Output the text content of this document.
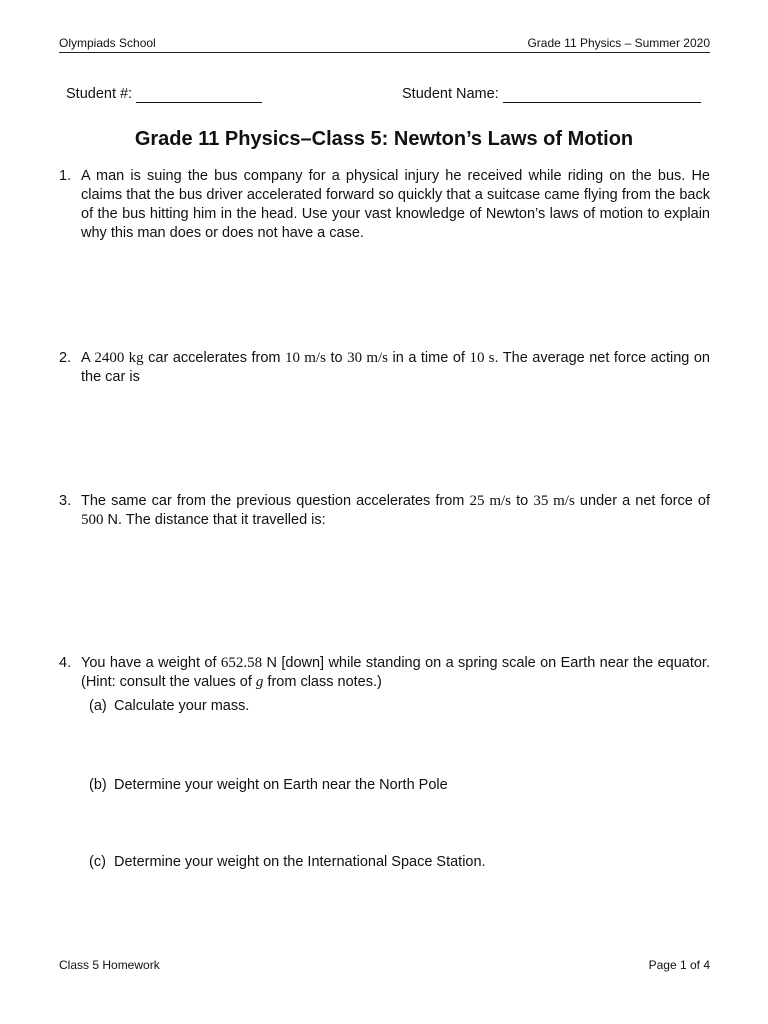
Olympiads School	Grade 11 Physics – Summer 2020
Student #:	Student Name:
Grade 11 Physics–Class 5: Newton’s Laws of Motion
1. A man is suing the bus company for a physical injury he received while riding on the bus. He claims that the bus driver accelerated forward so quickly that a suitcase came flying from the back of the bus hitting him in the head. Use your vast knowledge of Newton’s laws of motion to explain why this man does or does not have a case.
2. A 2400 kg car accelerates from 10 m/s to 30 m/s in a time of 10 s. The average net force acting on the car is
3. The same car from the previous question accelerates from 25 m/s to 35 m/s under a net force of 500 N. The distance that it travelled is:
4. You have a weight of 652.58 N [down] while standing on a spring scale on Earth near the equator. (Hint: consult the values of g from class notes.)
(a) Calculate your mass.
(b) Determine your weight on Earth near the North Pole
(c) Determine your weight on the International Space Station.
Class 5 Homework	Page 1 of 4
